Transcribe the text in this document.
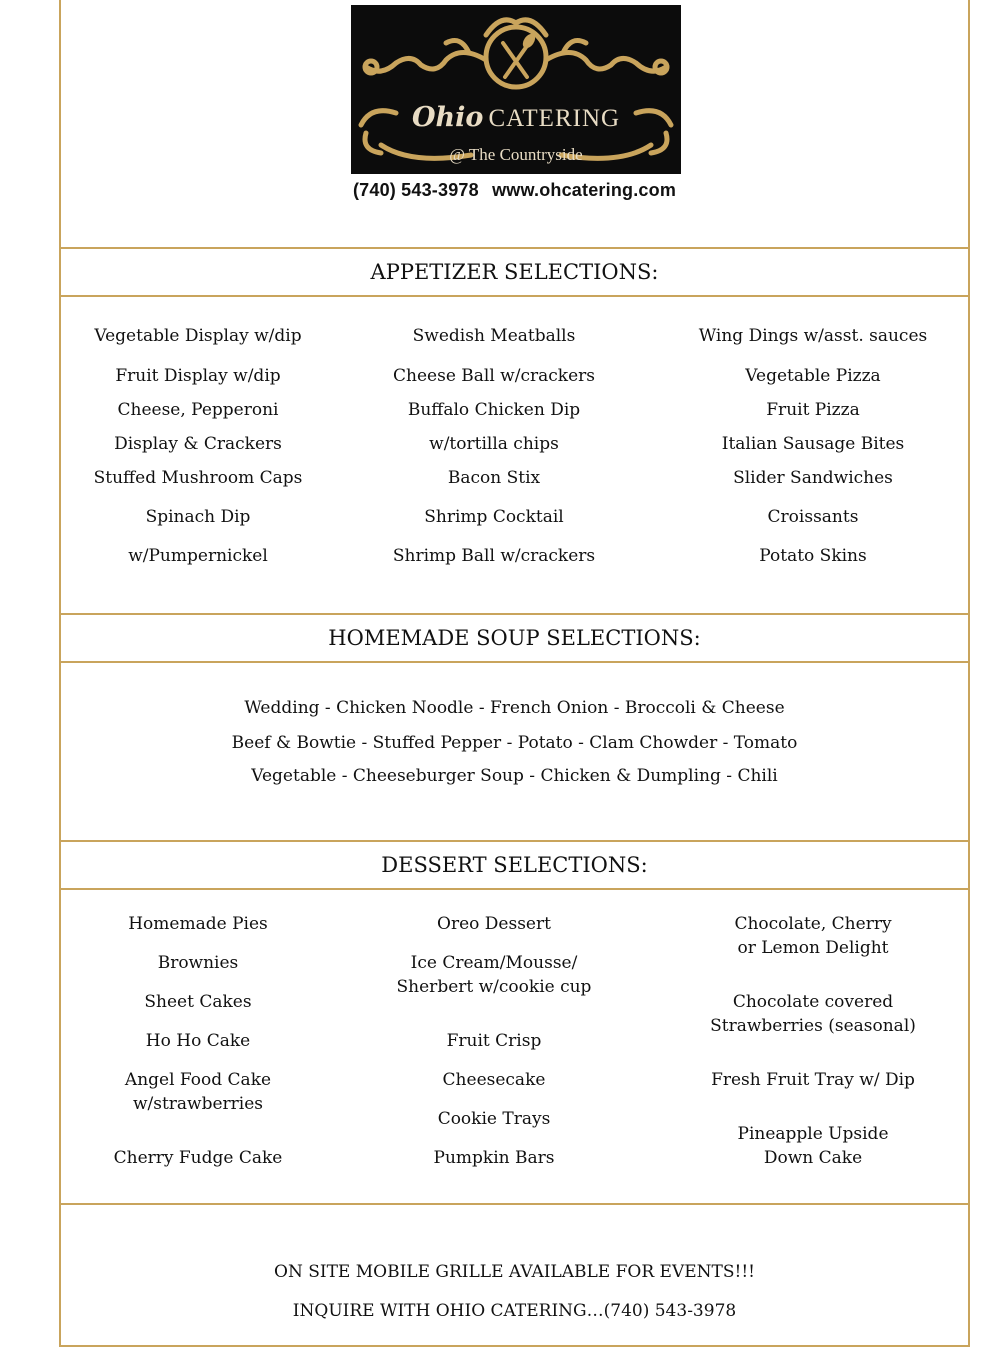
Ohio CATERING
@ The Countryside
(740) 543-3978 www.ohcatering.com
APPETIZER SELECTIONS:
Vegetable Display w/dip
Fruit Display w/dip
Cheese, Pepperoni
Display & Crackers
Stuffed Mushroom Caps
Spinach Dip
w/Pumpernickel
Swedish Meatballs
Cheese Ball w/crackers
Buffalo Chicken Dip
w/tortilla chips
Bacon Stix
Shrimp Cocktail
Shrimp Ball w/crackers
Wing Dings w/asst. sauces
Vegetable Pizza
Fruit Pizza
Italian Sausage Bites
Slider Sandwiches
Croissants
Potato Skins
HOMEMADE SOUP SELECTIONS:
Wedding - Chicken Noodle - French Onion - Broccoli & Cheese
Beef & Bowtie - Stuffed Pepper - Potato - Clam Chowder - Tomato
Vegetable - Cheeseburger Soup - Chicken & Dumpling - Chili
DESSERT SELECTIONS:
Homemade Pies
Brownies
Sheet Cakes
Ho Ho Cake
Angel Food Cake
w/strawberries
Cherry Fudge Cake
Oreo Dessert
Ice Cream/Mousse/
Sherbert w/cookie cup
Fruit Crisp
Cheesecake
Cookie Trays
Pumpkin Bars
Chocolate, Cherry
or Lemon Delight
Chocolate covered
Strawberries (seasonal)
Fresh Fruit Tray w/ Dip
Pineapple Upside
Down Cake
ON SITE MOBILE GRILLE AVAILABLE FOR EVENTS!!!
INQUIRE WITH OHIO CATERING…(740) 543-3978
